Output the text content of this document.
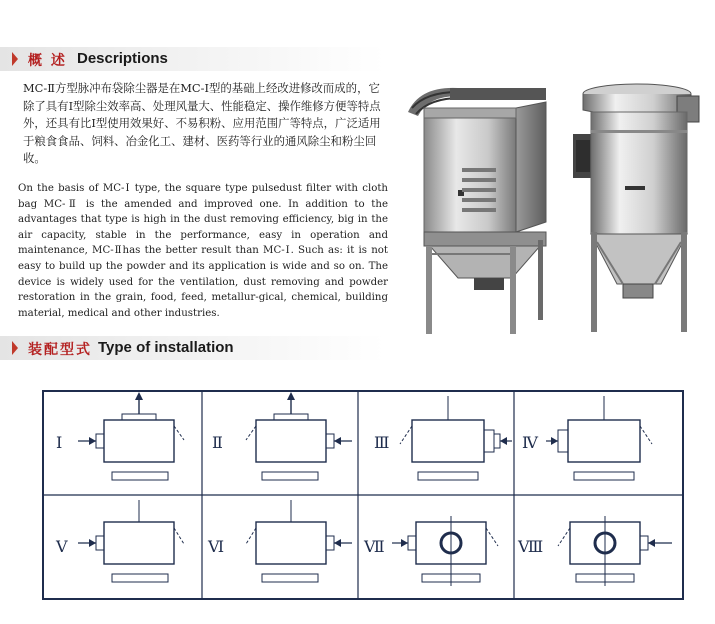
概 述 Descriptions
MC-Ⅱ方型脉冲布袋除尘器是在MC-Ⅰ型的基础上经改进修改而成的，它除了具有Ⅰ型除尘效率高、处理风量大、性能稳定、操作维修方便等特点外，还具有比Ⅰ型使用效果好、不易积粉、应用范围广等特点，广泛适用于粮食食品、饲料、冶金化工、建材、医药等行业的通风除尘和粉尘回收。
On the basis of MC-Ⅰ type, the square type pulsedust filter with cloth bag MC-Ⅱ is the amended and improved one. In addition to the advantages that type is high in the dust removing efficiency, big in the air capacity, stable in the performance, easy in operation and maintenance, MC-Ⅱhas the better result than MC-Ⅰ. Such as: it is not easy to build up the powder and its application is wide and so on. The device is widely used for the ventilation, dust removing and powder restoration in the grain, food, feed, metallur-gical, chemical, building material, medical and other industries.
装配型式 Type of installation
Ⅰ	Ⅱ	Ⅲ	Ⅳ
Ⅴ	Ⅵ	Ⅶ	Ⅷ
